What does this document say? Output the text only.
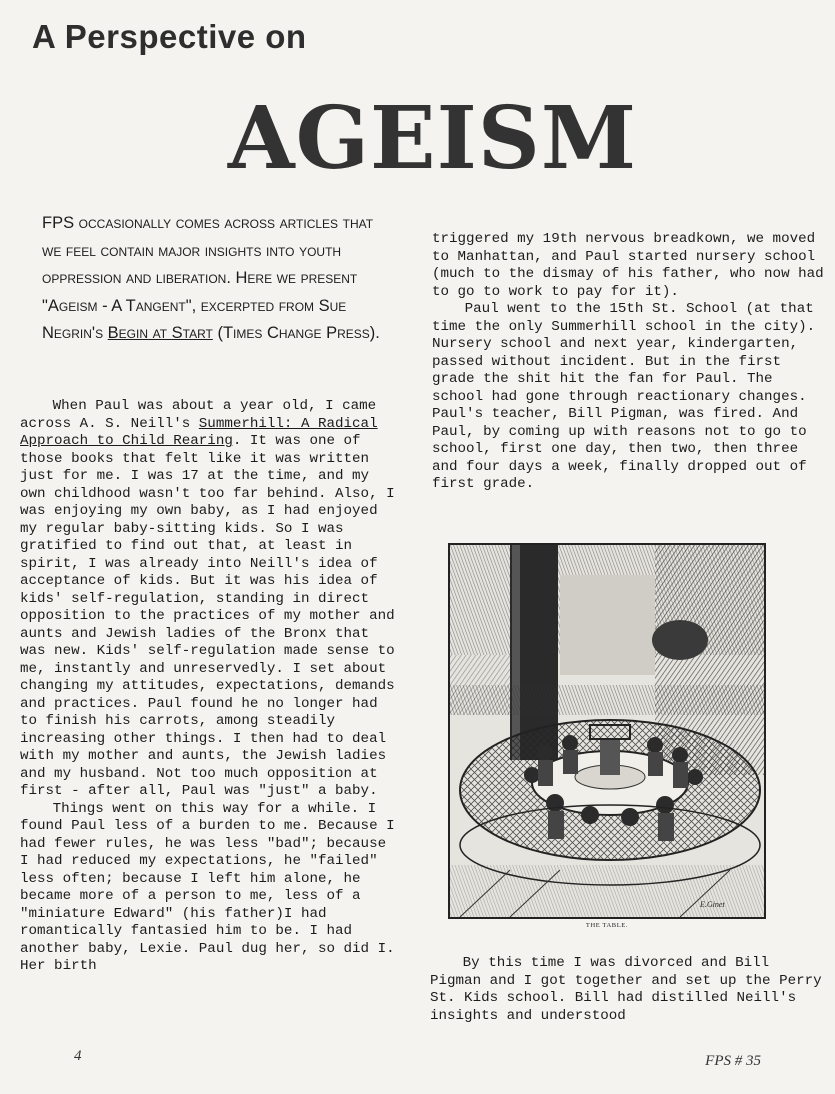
A Perspective on
AGEISM

FPS occasionally comes across articles that we feel contain major insights into youth oppression and liberation. Here we present "Ageism - A Tangent", excerpted from Sue Negrin's Begin at Start (Times Change Press).

When Paul was about a year old, I came across A. S. Neill's Summerhill: A Radical Approach to Child Rearing. It was one of those books that felt like it was written just for me. I was 17 at the time, and my own childhood wasn't too far behind. Also, I was enjoying my own baby, as I had enjoyed my regular baby-sitting kids. So I was gratified to find out that, at least in spirit, I was already into Neill's idea of acceptance of kids. But it was his idea of kids' self-regulation, standing in direct opposition to the practices of my mother and aunts and Jewish ladies of the Bronx that was new. Kids' self-regulation made sense to me, instantly and unreservedly. I set about changing my attitudes, expectations, demands and practices. Paul found he no longer had to finish his carrots, among steadily increasing other things. I then had to deal with my mother and aunts, the Jewish ladies and my husband. Not too much opposition at first - after all, Paul was "just" a baby.

Things went on this way for a while. I found Paul less of a burden to me. Because I had fewer rules, he was less "bad"; because I had reduced my expectations, he "failed" less often; because I left him alone, he became more of a person to me, less of a "miniature Edward" (his father)I had romantically fantasied him to be. I had another baby, Lexie. Paul dug her, so did I. Her birth

triggered my 19th nervous breadkown, we moved to Manhattan, and Paul started nursery school (much to the dismay of his father, who now had to go to work to pay for it).

Paul went to the 15th St. School (at that time the only Summerhill school in the city). Nursery school and next year, kindergarten, passed without incident. But in the first grade the shit hit the fan for Paul. The school had gone through reactionary changes. Paul's teacher, Bill Pigman, was fired. And Paul, by coming up with reasons not to go to school, first one day, then two, then three and four days a week, finally dropped out of first grade.

E.Ginet
THE TABLE.

By this time I was divorced and Bill Pigman and I got together and set up the Perry St. Kids school. Bill had distilled Neill's insights and understood

4	FPS # 35
